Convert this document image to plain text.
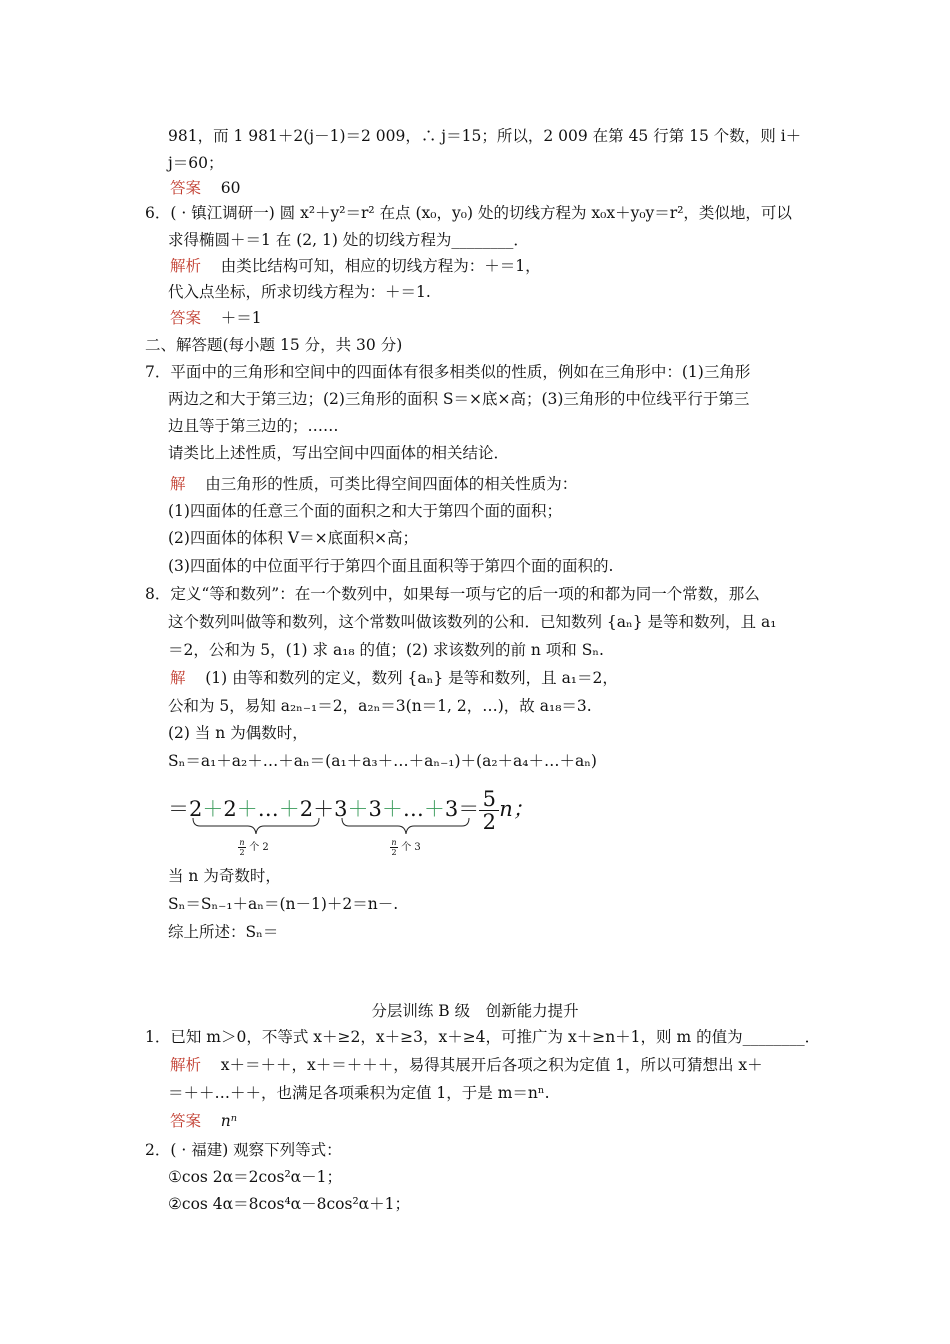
981，而 1 981＋2(j－1)＝2 009，∴ j＝15；所以，2 009 在第 45 行第 15 个数，则 i＋
j＝60；
答案 60
6．( · 镇江调研一) 圆 x²＋y²＝r² 在点 (x₀，y₀) 处的切线方程为 x₀x＋y₀y＝r²，类似地，可以
求得椭圆＋＝1 在 (2, 1) 处的切线方程为________．
解析 由类比结构可知，相应的切线方程为：＋＝1，
代入点坐标，所求切线方程为：＋＝1.
答案 ＋＝1
二、解答题(每小题 15 分，共 30 分)
7．平面中的三角形和空间中的四面体有很多相类似的性质，例如在三角形中：(1)三角形
两边之和大于第三边；(2)三角形的面积 S＝×底×高；(3)三角形的中位线平行于第三
边且等于第三边的；……
请类比上述性质，写出空间中四面体的相关结论．
解 由三角形的性质，可类比得空间四面体的相关性质为：
(1)四面体的任意三个面的面积之和大于第四个面的面积；
(2)四面体的体积 V＝×底面积×高；
(3)四面体的中位面平行于第四个面且面积等于第四个面的面积的.
8．定义“等和数列”：在一个数列中，如果每一项与它的后一项的和都为同一个常数，那么
这个数列叫做等和数列，这个常数叫做该数列的公和．已知数列 {aₙ} 是等和数列，且 a₁
＝2，公和为 5，(1) 求 a₁₈ 的值；(2) 求该数列的前 n 项和 Sₙ.
解 (1) 由等和数列的定义，数列 {aₙ} 是等和数列，且 a₁＝2，
公和为 5，易知 a₂ₙ₋₁＝2，a₂ₙ＝3(n＝1, 2，…)，故 a₁₈＝3.
(2) 当 n 为偶数时，
Sₙ＝a₁＋a₂＋…＋aₙ＝(a₁＋a₃＋…＋aₙ₋₁)＋(a₂＋a₄＋…＋aₙ)
＝2＋2＋…＋2＋3＋3＋…＋3＝ $\frac{5}{2}$ n；
$\frac{n}{2}$ 个 2	$\frac{n}{2}$ 个 3
当 n 为奇数时，
Sₙ＝Sₙ₋₁＋aₙ＝(n－1)＋2＝n－.
综上所述：Sₙ＝
分层训练 B 级　创新能力提升
1．已知 m＞0，不等式 x＋≥2，x＋≥3，x＋≥4，可推广为 x＋≥n＋1，则 m 的值为________．
解析 x＋＝＋＋，x＋＝＋＋＋，易得其展开后各项之积为定值 1，所以可猜想出 x＋
＝＋＋…＋＋，也满足各项乘积为定值 1，于是 m＝nⁿ.
答案 nⁿ
2．( · 福建) 观察下列等式：
①cos 2α＝2cos²α－1；
②cos 4α＝8cos⁴α－8cos²α＋1；
